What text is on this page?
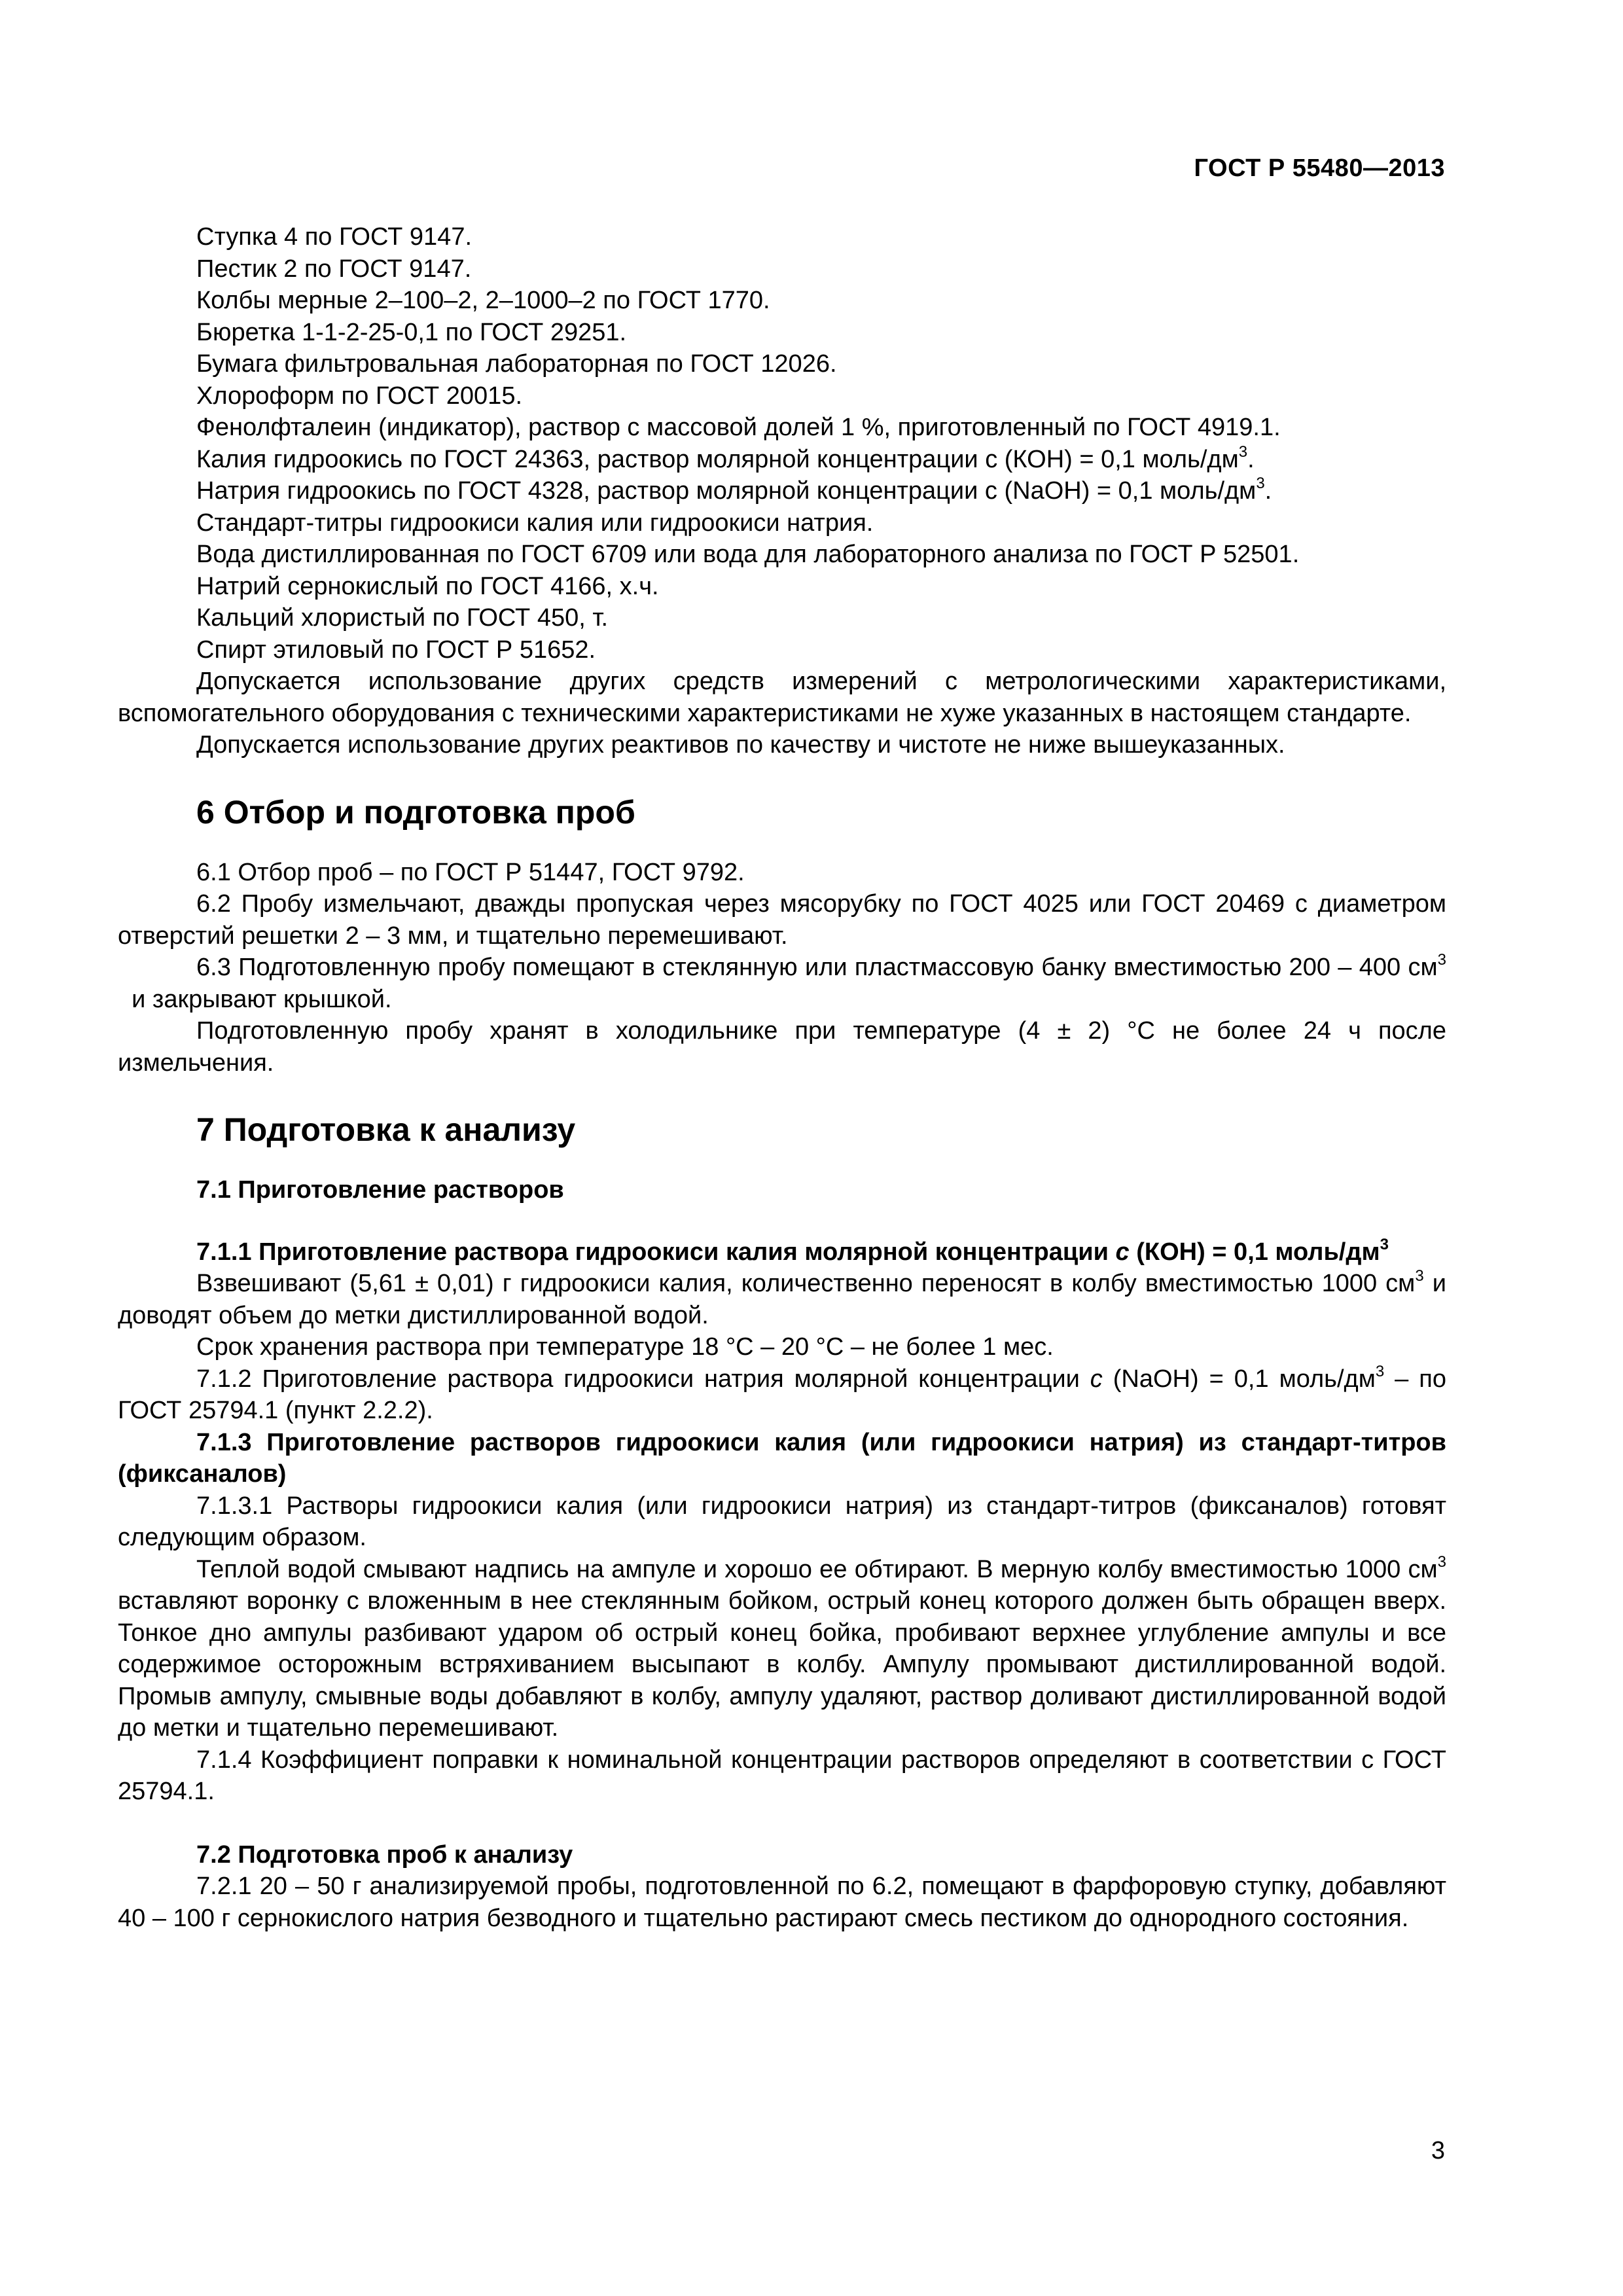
ГОСТ Р 55480—2013

Ступка 4 по ГОСТ 9147.

Пестик 2 по ГОСТ 9147.

Колбы мерные 2–100–2, 2–1000–2 по ГОСТ 1770.

Бюретка 1-1-2-25-0,1 по ГОСТ 29251.

Бумага фильтровальная лабораторная по ГОСТ 12026.

Хлороформ по ГОСТ 20015.

Фенолфталеин (индикатор), раствор с массовой долей 1 %, приготовленный по ГОСТ 4919.1.

Калия гидроокись по ГОСТ 24363, раствор молярной концентрации с (КОН) = 0,1 моль/$дм^3$.

Натрия гидроокись по ГОСТ 4328, раствор молярной концентрации с (NaOH) = 0,1 моль/$дм^3$.

Стандарт-титры гидроокиси калия или гидроокиси натрия.

Вода дистиллированная по ГОСТ 6709 или вода для лабораторного анализа по ГОСТ Р 52501.

Натрий сернокислый по ГОСТ 4166, х.ч.

Кальций хлористый по ГОСТ 450, т.

Спирт этиловый по ГОСТ Р 51652.

Допускается использование других средств измерений с метрологическими характеристиками, вспомогательного оборудования с техническими характеристиками не хуже указанных в настоящем стандарте.

Допускается использование других реактивов по качеству и чистоте не ниже вышеуказанных.

6 Отбор и подготовка проб

6.1 Отбор проб – по ГОСТ Р 51447, ГОСТ 9792.

6.2 Пробу измельчают, дважды пропуская через мясорубку по ГОСТ 4025 или ГОСТ 20469 с диаметром отверстий решетки 2 – 3 мм, и тщательно перемешивают.

6.3 Подготовленную пробу помещают в стеклянную или пластмассовую банку вместимостью 200 – 400 $см^3$  и закрывают крышкой.

Подготовленную пробу хранят в холодильнике при температуре (4 ± 2) °С не более 24 ч после измельчения.

7 Подготовка к анализу
7.1 Приготовление растворов

7.1.1 Приготовление раствора гидроокиси калия молярной концентрации с (КОН) = 0,1 моль/$дм^3$

Взвешивают (5,61 ± 0,01) г гидроокиси калия, количественно переносят в колбу вместимостью 1000 $см^3$ и доводят объем до метки дистиллированной водой.

Срок хранения раствора при температуре 18 °С – 20 °С – не более 1 мес.

7.1.2 Приготовление раствора гидроокиси натрия молярной концентрации с (NaOH) = 0,1 моль/$дм^3$ – по ГОСТ 25794.1 (пункт 2.2.2).

7.1.3 Приготовление растворов гидроокиси калия (или гидроокиси натрия) из стандарт-титров (фиксаналов)

7.1.3.1 Растворы гидроокиси калия (или гидроокиси натрия) из стандарт-титров (фиксаналов) готовят следующим образом.

Теплой водой смывают надпись на ампуле и хорошо ее обтирают. В мерную колбу вместимостью 1000 $см^3$ вставляют воронку с вложенным в нее стеклянным бойком, острый конец которого должен быть обращен вверх. Тонкое дно ампулы разбивают ударом об острый конец бойка, пробивают верхнее углубление ампулы и все содержимое осторожным встряхиванием высыпают в колбу. Ампулу промывают дистиллированной водой. Промыв ампулу, смывные воды добавляют в колбу, ампулу удаляют, раствор доливают дистиллированной водой до метки и тщательно перемешивают.

7.1.4 Коэффициент поправки к номинальной концентрации растворов определяют в соответствии с ГОСТ 25794.1.

7.2 Подготовка проб к анализу

7.2.1 20 – 50 г анализируемой пробы, подготовленной по 6.2, помещают в фарфоровую ступку, добавляют 40 – 100 г сернокислого натрия безводного и тщательно растирают смесь пестиком до однородного состояния.

3
